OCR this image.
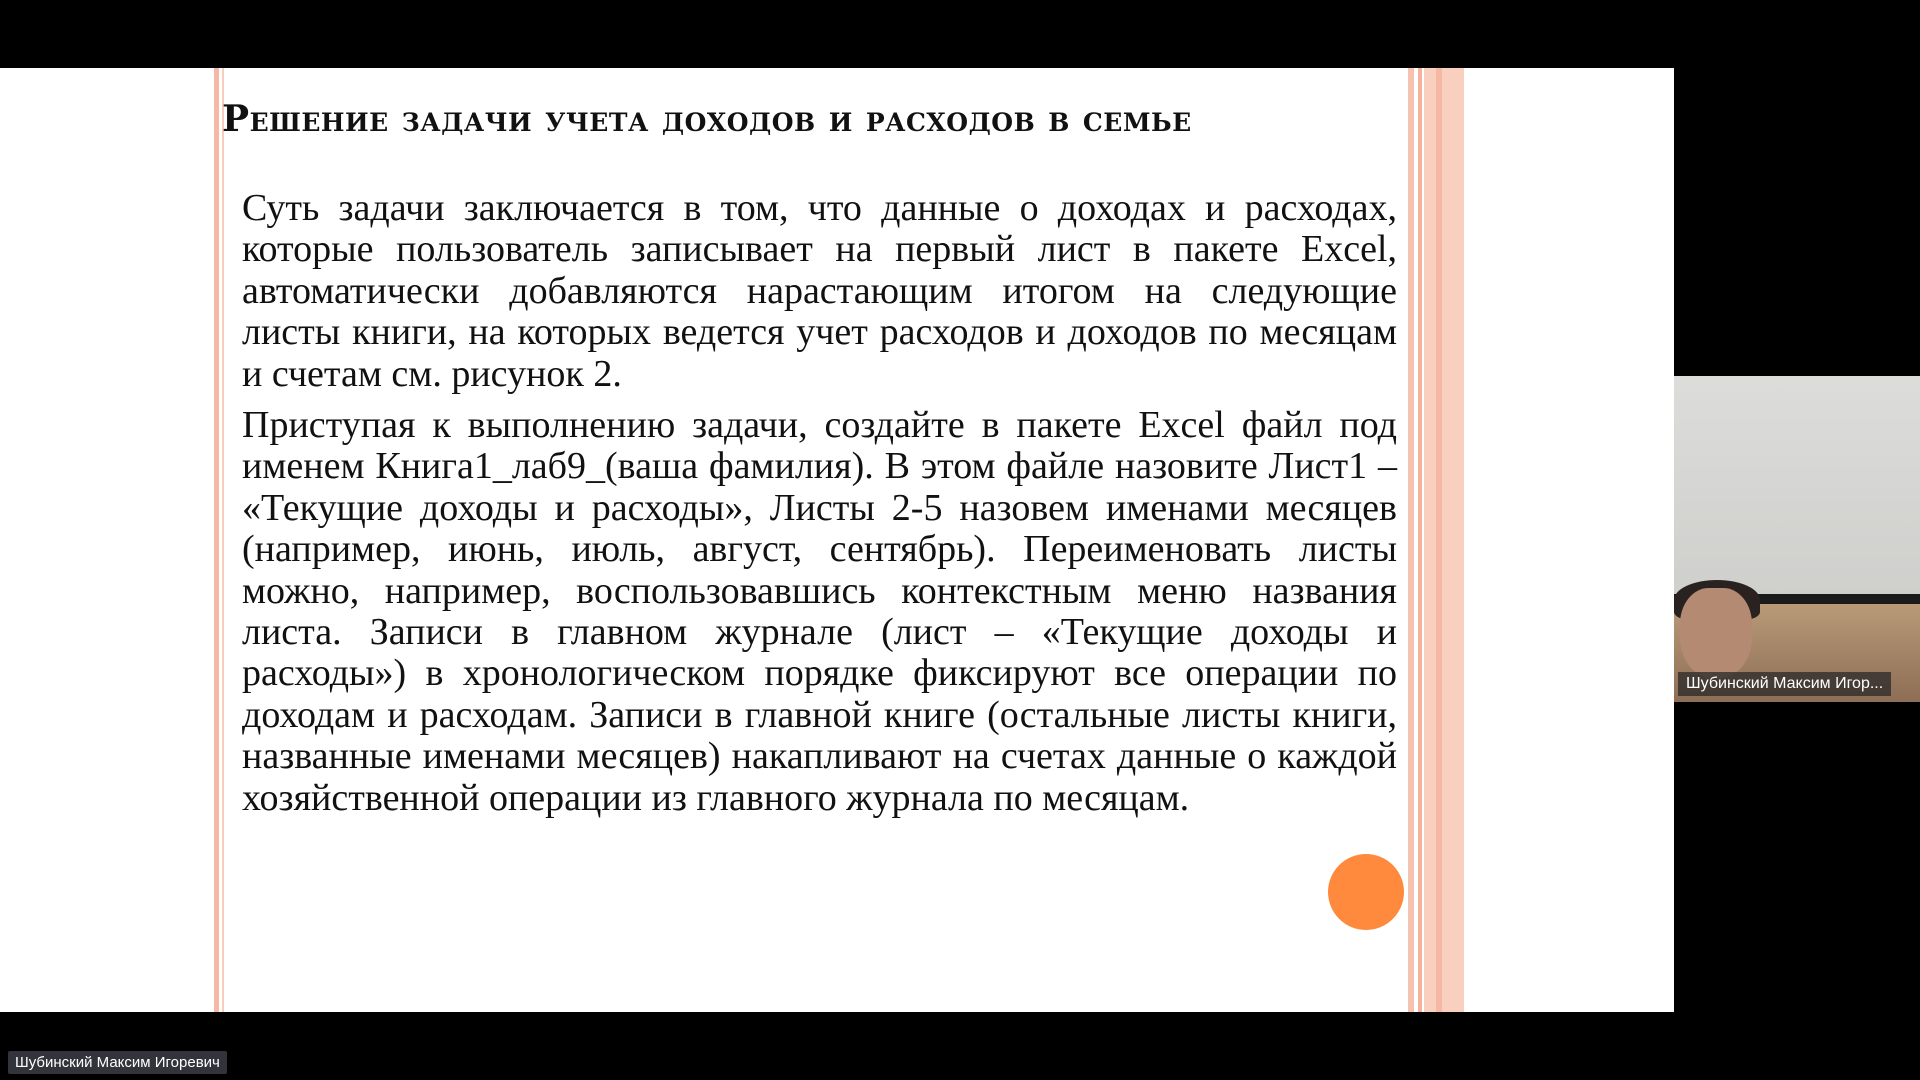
Решение задачи учета доходов и расходов в семье

Суть задачи заключается в том, что данные о доходах и расходах, которые пользователь записывает на первый лист в пакете Excel, автоматически добавляются нарастающим итогом на следующие листы книги, на которых ведется учет расходов и доходов по месяцам и счетам см. рисунок 2.

Приступая к выполнению задачи, создайте в пакете Excel файл под именем Книга1_лаб9_(ваша фамилия). В этом файле назовите Лист1 – «Текущие доходы и расходы», Листы 2-5 назовем именами месяцев (например, июнь, июль, август, сентябрь). Переименовать листы можно, например, воспользовавшись контекстным меню названия листа. Записи в главном журнале (лист – «Текущие доходы и расходы») в хронологическом порядке фиксируют все операции по доходам и расходам. Записи в главной книге (остальные листы книги, названные именами месяцев) накапливают на счетах данные о каждой хозяйственной операции из главного журнала по месяцам.

Шубинский Максим Игор...
Шубинский Максим Игоревич
